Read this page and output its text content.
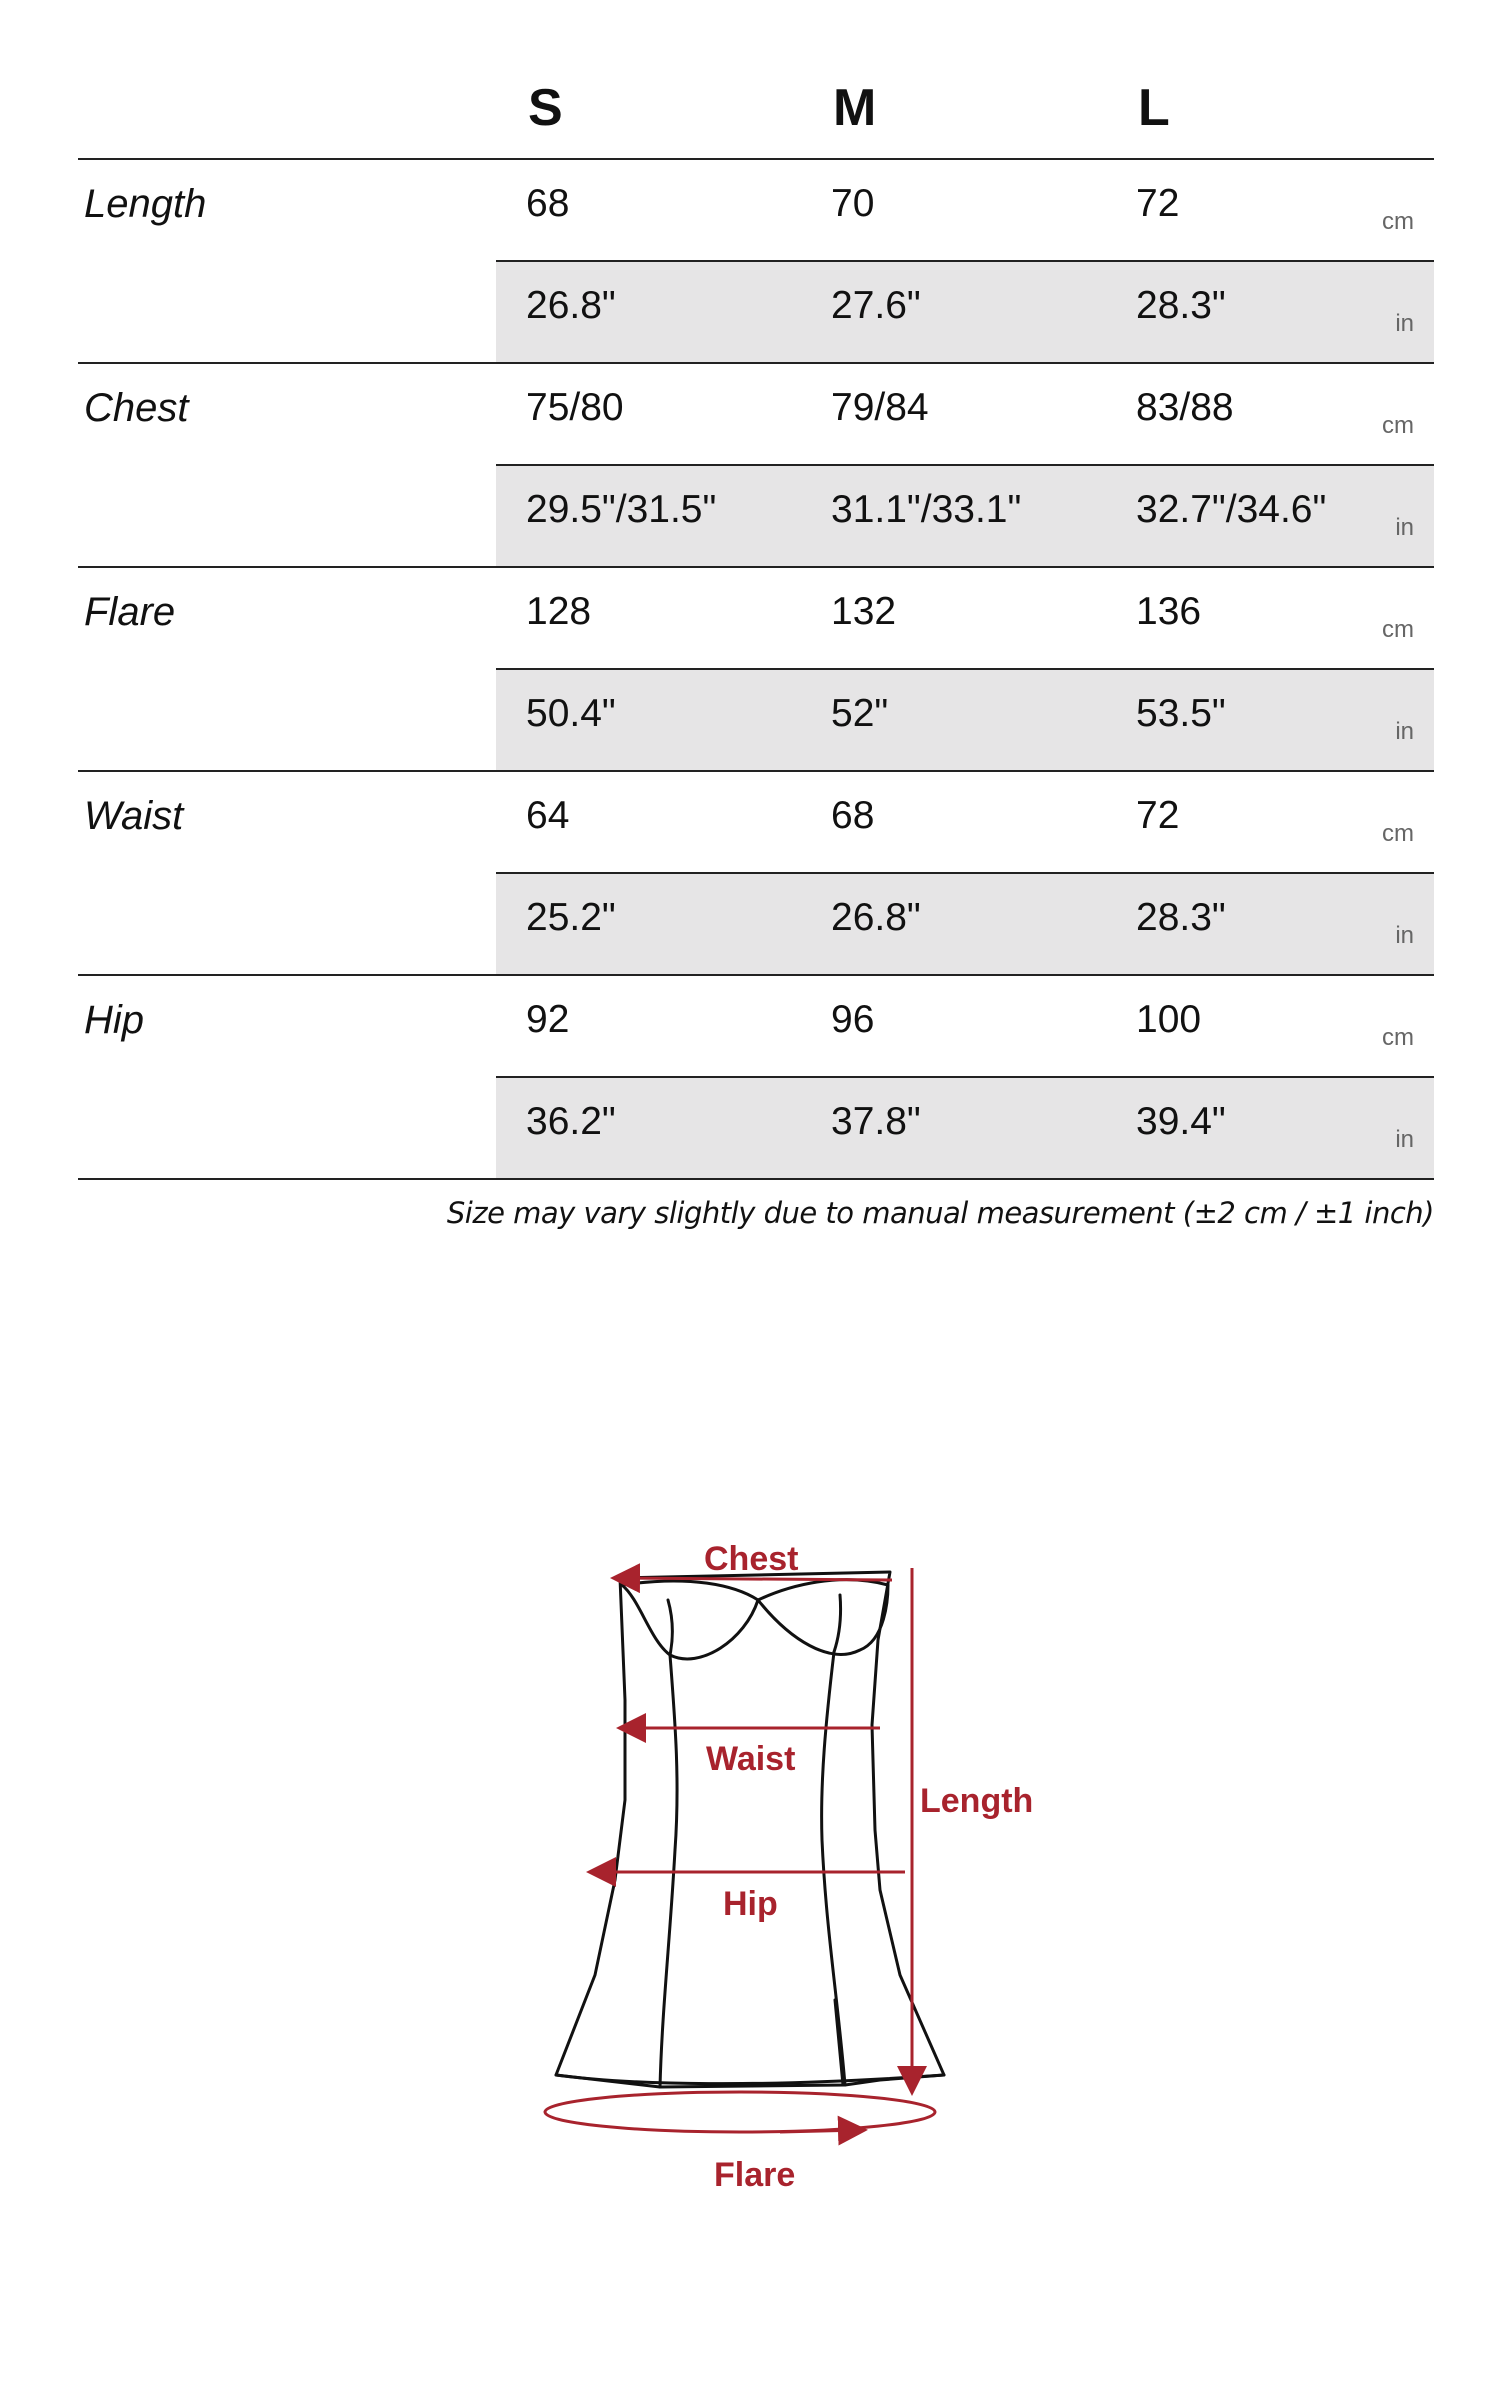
S	M	L
Length	68	70	72	cm
26.8"	27.6"	28.3"	in
Chest	75/80	79/84	83/88	cm
29.5"/31.5"	31.1"/33.1"	32.7"/34.6"	in
Flare	128	132	136	cm
50.4"	52"	53.5"	in
Waist	64	68	72	cm
25.2"	26.8"	28.3"	in
Hip	92	96	100	cm
36.2"	37.8"	39.4"	in
Size may vary slightly due to manual measurement (±2 cm / ±1 inch)
Chest
Waist
Length
Hip
Flare
